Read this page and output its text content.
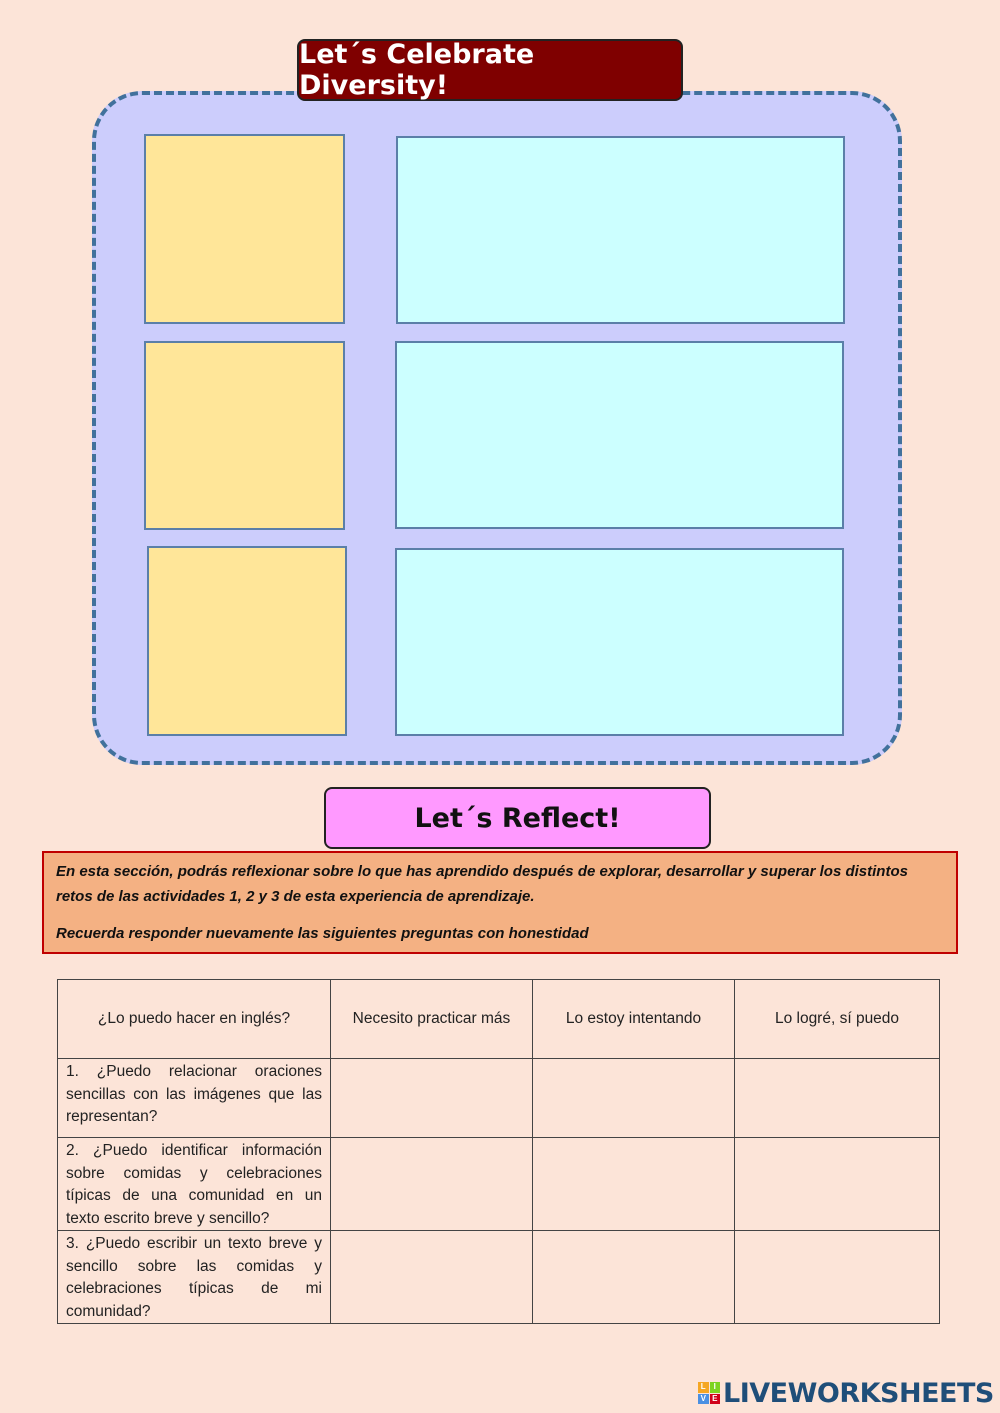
Let´s Celebrate Diversity!
Let´s Reflect!

En esta sección, podrás reflexionar sobre lo que has aprendido después de explorar, desarrollar y superar los distintos retos de las actividades 1, 2 y 3 de esta experiencia de aprendizaje.

Recuerda responder nuevamente las siguientes preguntas con honestidad

¿Lo puedo hacer en inglés?	Necesito practicar más	Lo estoy intentando	Lo logré, sí puedo
1. ¿Puedo relacionar oraciones sencillas con las imágenes que las representan?			
2. ¿Puedo identificar información sobre comidas y celebraciones típicas de una comunidad en un texto escrito breve y sencillo?			
3. ¿Puedo escribir un texto breve y sencillo sobre las comidas y celebraciones típicas de mi comunidad?			
L I
V E LIVEWORKSHEETS
